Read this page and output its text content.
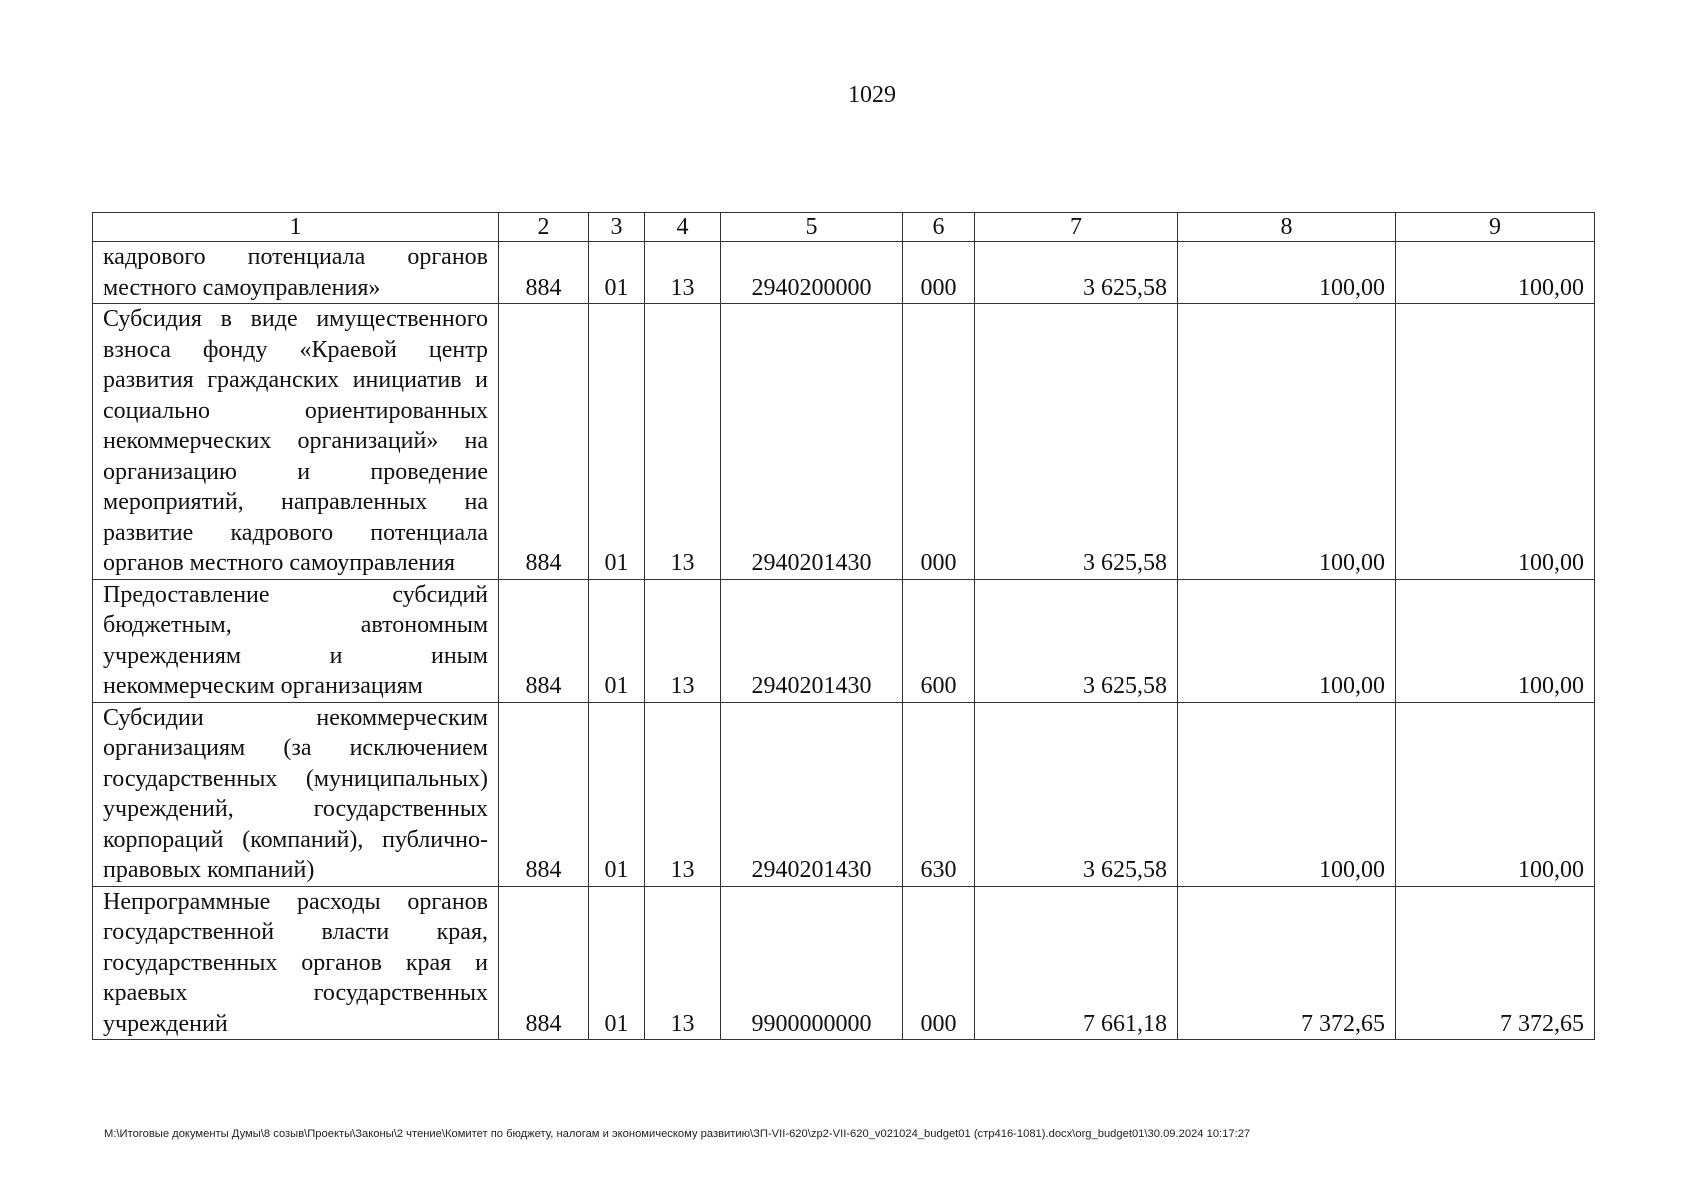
1029
1	2	3	4	5	6	7	8	9
кадрового потенциала органов местного самоуправления»	884	01	13	2940200000	000	3 625,58	100,00	100,00
Субсидия в виде имущественного взноса фонду «Краевой центр развития гражданских инициатив и социально ориентированных некоммерческих организаций» на организацию и проведение мероприятий, направленных на развитие кадрового потенциала органов местного самоуправления	884	01	13	2940201430	000	3 625,58	100,00	100,00
Предоставление субсидий бюджетным, автономным учреждениям и иным некоммерческим организациям	884	01	13	2940201430	600	3 625,58	100,00	100,00
Субсидии некоммерческим организациям (за исключением государственных (муниципальных) учреждений, государственных корпораций (компаний), публично-правовых компаний)	884	01	13	2940201430	630	3 625,58	100,00	100,00
Непрограммные расходы органов государственной власти края, государственных органов края и краевых государственных учреждений	884	01	13	9900000000	000	7 661,18	7 372,65	7 372,65
M:\Итоговые документы Думы\8 созыв\Проекты\Законы\2 чтение\Комитет по бюджету, налогам и экономическому развитию\ЗП-VII-620\zp2-VII-620_v021024_budget01 (стр416-1081).docx\org_budget01\30.09.2024 10:17:27
